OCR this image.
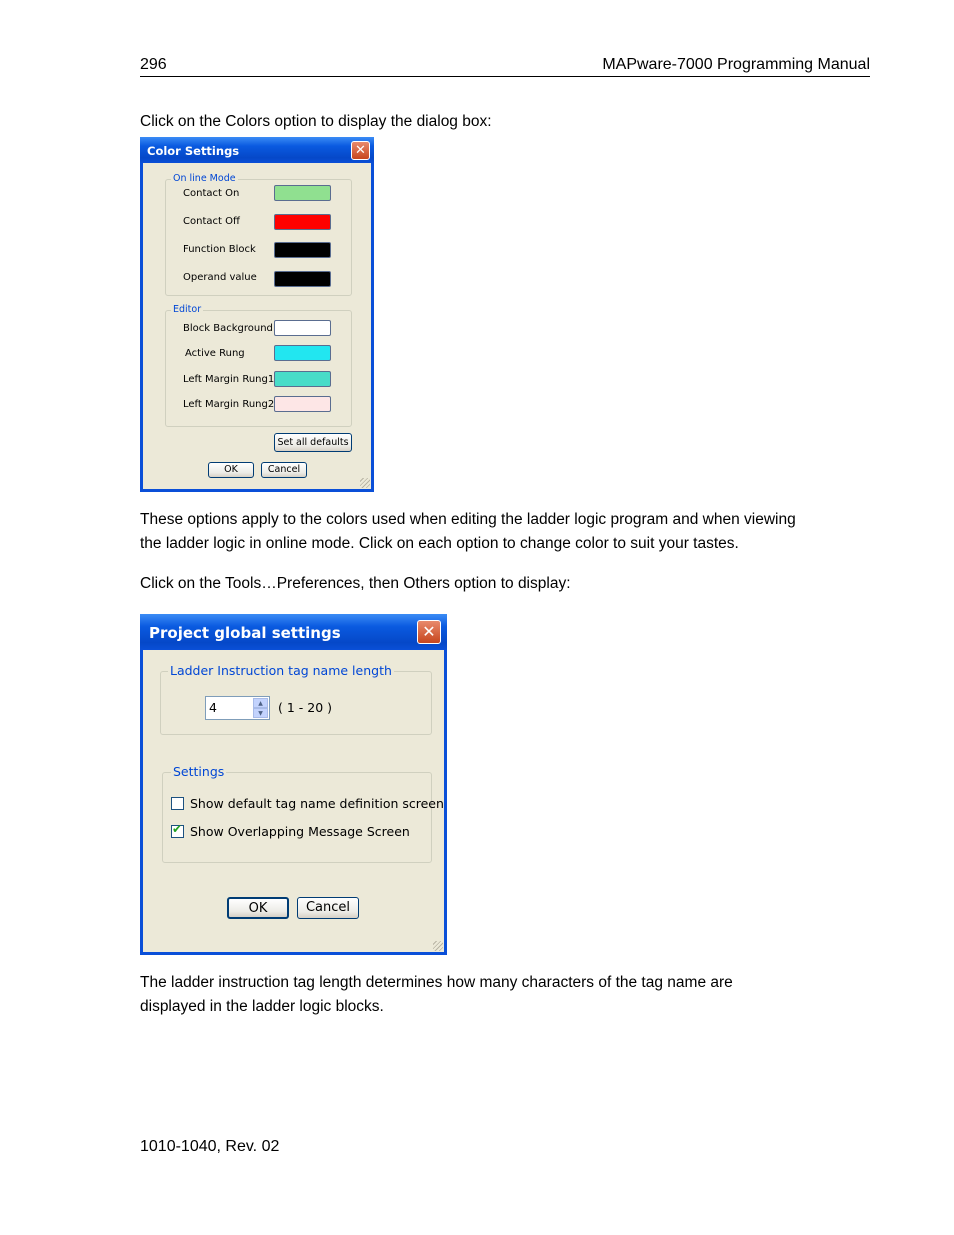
296	MAPware-7000 Programming Manual
Click on the Colors option to display the dialog box:
Color Settings	✕
On line Mode
Editor
Contact On
Contact Off
Function Block
Operand value
Block Background
Active Rung
Left Margin Rung1
Left Margin Rung2
Set all defaults
OK	Cancel
These options apply to the colors used when editing the ladder logic program and when viewing
the ladder logic in online mode. Click on each option to change color to suit your tastes.
Click on the Tools…Preferences, then Others option to display:
Project global settings	✕
Ladder Instruction tag name length
4	▲
▼	( 1 - 20 )
Settings
Show default tag name definition screen
✔ Show Overlapping Message Screen
OK	Cancel
The ladder instruction tag length determines how many characters of the tag name are
displayed in the ladder logic blocks.
1010-1040, Rev. 02
